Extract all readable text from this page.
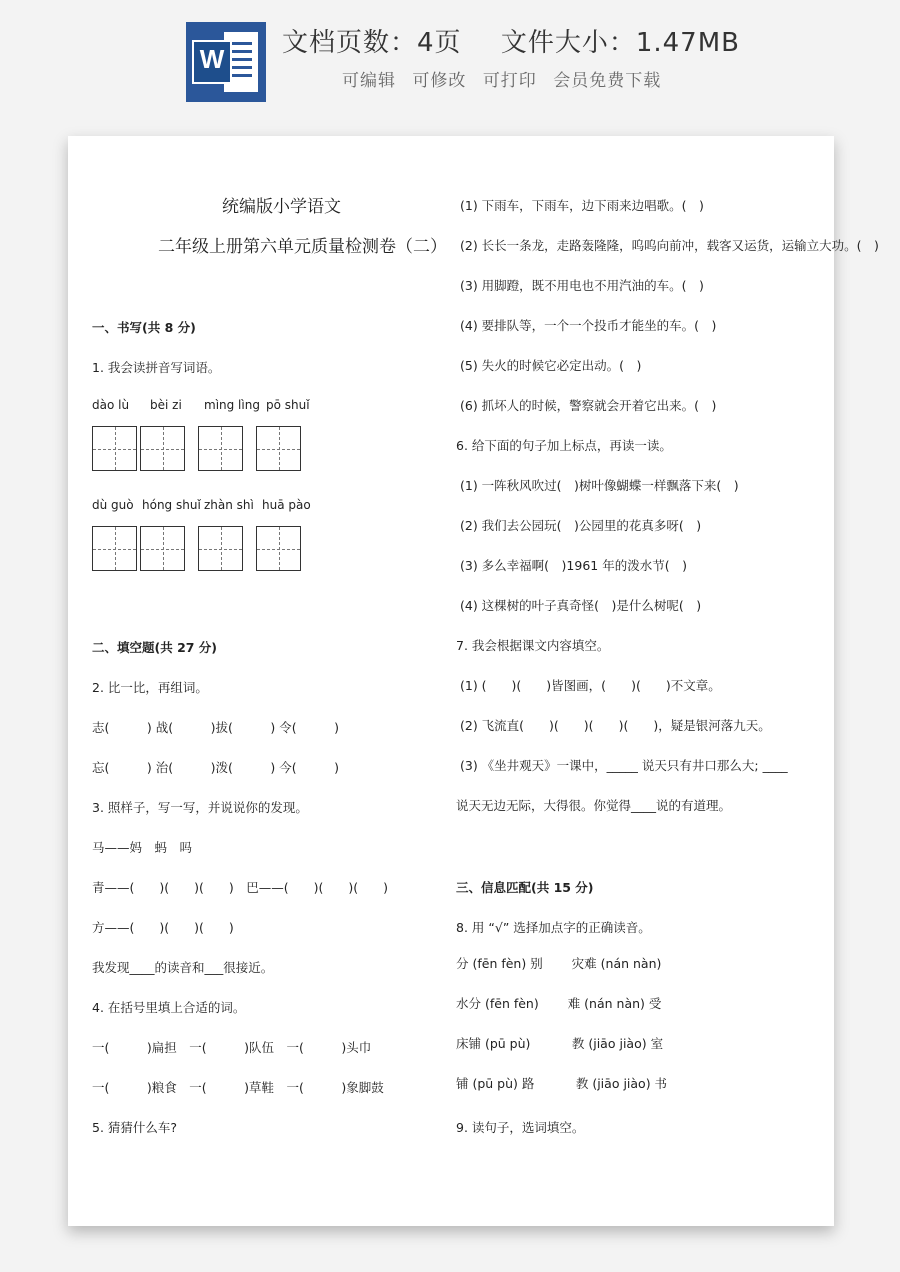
W
文档页数：4页 文件大小：1.47MB
可编辑 可修改 可打印 会员免费下载
统编版小学语文
二年级上册第六单元质量检测卷（二）
一、书写(共 8 分)
1. 我会读拼音写词语。
dào lù bèi zi mìng lìng pō shuǐ
dù guò hóng shuǐ zhàn shì huā pào
二、填空题(共 27 分)
2. 比一比，再组词。
志(　　　) 战(　　　)拔(　　　) 令(　　　)
忘(　　　) 治(　　　)泼(　　　) 今(　　　)
3. 照样子，写一写，并说说你的发现。
马——妈　蚂　吗
青——(　　)(　　)(　　)　巴——(　　)(　　)(　　)
方——(　　)(　　)(　　)
我发现____的读音和___很接近。
4. 在括号里填上合适的词。
一(　　　)扁担　一(　　　)队伍　一(　　　)头巾
一(　　　)粮食　一(　　　)草鞋　一(　　　)象脚鼓
5. 猜猜什么车?
(1) 下雨车，下雨车，边下雨来边唱歌。(　)
(2) 长长一条龙，走路轰隆隆，呜呜向前冲，载客又运货，运输立大功。(　)
(3) 用脚蹬，既不用电也不用汽油的车。(　)
(4) 要排队等，一个一个投币才能坐的车。(　)
(5) 失火的时候它必定出动。(　)
(6) 抓坏人的时候，警察就会开着它出来。(　)
6. 给下面的句子加上标点，再读一读。
(1) 一阵秋风吹过(　)树叶像蝴蝶一样飘落下来(　)
(2) 我们去公园玩(　)公园里的花真多呀(　)
(3) 多么幸福啊(　)1961 年的泼水节(　)
(4) 这棵树的叶子真奇怪(　)是什么树呢(　)
7. 我会根据课文内容填空。
(1) (　　)(　　)皆图画，(　　)(　　)不文章。
(2) 飞流直(　　)(　　)(　　)(　　)，疑是银河落九天。
(3) 《坐井观天》一课中，_____ 说天只有井口那么大; ____
说天无边无际，大得很。你觉得____说的有道理。
三、信息匹配(共 15 分)
8. 用 “√” 选择加点字的正确读音。
分 (fēn fèn) 别　　 灾难 (nán nàn)
水分 (fēn fèn)　　 难 (nán nàn) 受
床铺 (pū pù)　　　 教 (jiāo jiào) 室
铺 (pū pù) 路　　　 教 (jiāo jiào) 书
9. 读句子，选词填空。
